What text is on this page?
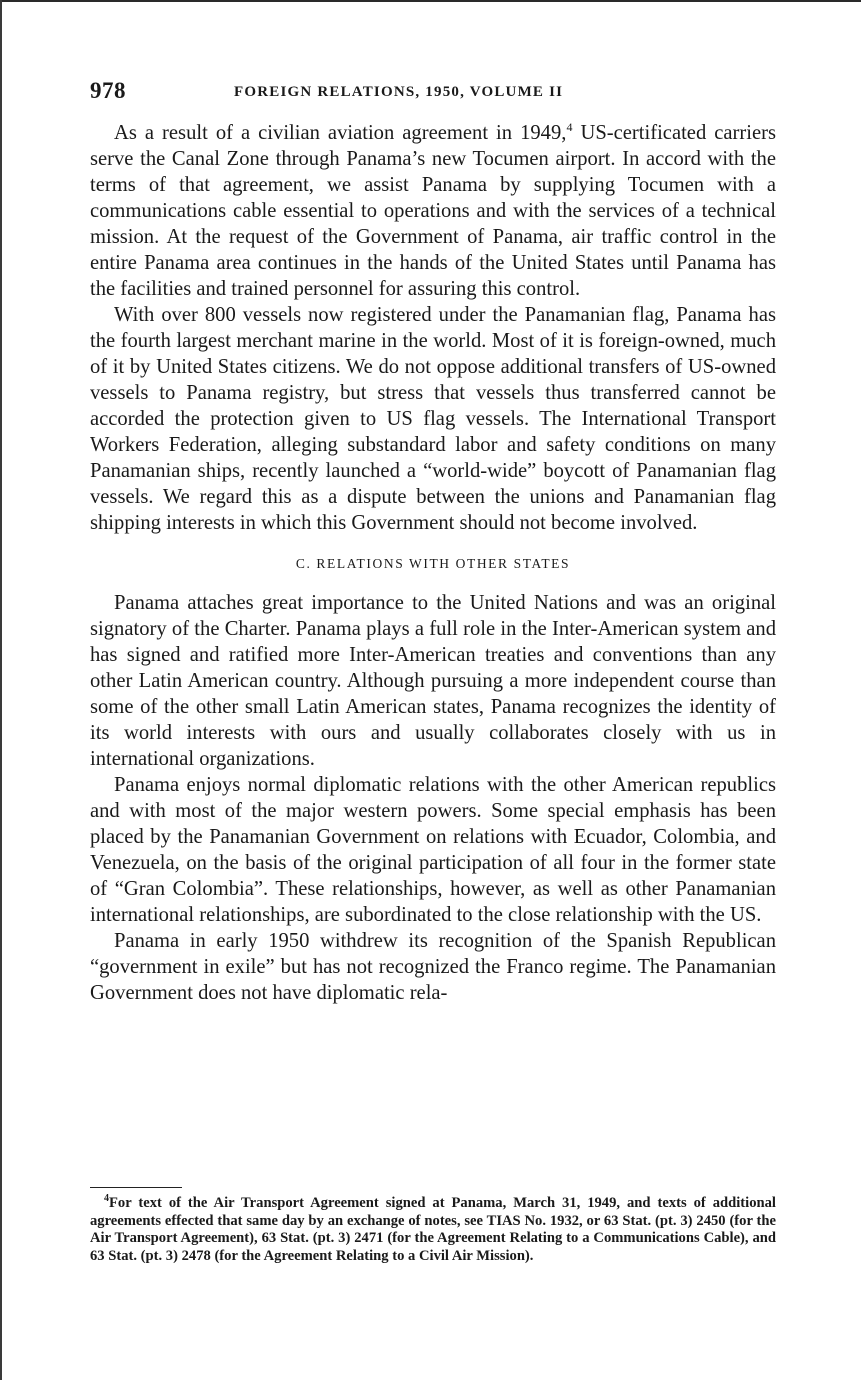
978	FOREIGN RELATIONS, 1950, VOLUME II

As a result of a civilian aviation agreement in 1949,$^4$ US-certificated carriers serve the Canal Zone through Panama’s new Tocumen airport. In accord with the terms of that agreement, we assist Panama by supplying Tocumen with a communications cable essential to operations and with the services of a technical mission. At the request of the Government of Panama, air traffic control in the entire Panama area continues in the hands of the United States until Panama has the facilities and trained personnel for assuring this control.

With over 800 vessels now registered under the Panamanian flag, Panama has the fourth largest merchant marine in the world. Most of it is foreign-owned, much of it by United States citizens. We do not oppose additional transfers of US-owned vessels to Panama registry, but stress that vessels thus transferred cannot be accorded the protection given to US flag vessels. The International Transport Workers Federation, alleging substandard labor and safety conditions on many Panamanian ships, recently launched a “world-wide” boycott of Panamanian flag vessels. We regard this as a dispute between the unions and Panamanian flag shipping interests in which this Government should not become involved.

C. RELATIONS WITH OTHER STATES

Panama attaches great importance to the United Nations and was an original signatory of the Charter. Panama plays a full role in the Inter-American system and has signed and ratified more Inter-American treaties and conventions than any other Latin American country. Although pursuing a more independent course than some of the other small Latin American states, Panama recognizes the identity of its world interests with ours and usually collaborates closely with us in international organizations.

Panama enjoys normal diplomatic relations with the other American republics and with most of the major western powers. Some special emphasis has been placed by the Panamanian Government on relations with Ecuador, Colombia, and Venezuela, on the basis of the original participation of all four in the former state of “Gran Colombia”. These relationships, however, as well as other Panamanian international relationships, are subordinated to the close relationship with the US.

Panama in early 1950 withdrew its recognition of the Spanish Republican “government in exile” but has not recognized the Franco regime. The Panamanian Government does not have diplomatic rela-

$^4$For text of the Air Transport Agreement signed at Panama, March 31, 1949, and texts of additional agreements effected that same day by an exchange of notes, see TIAS No. 1932, or 63 Stat. (pt. 3) 2450 (for the Air Transport Agreement), 63 Stat. (pt. 3) 2471 (for the Agreement Relating to a Communications Cable), and 63 Stat. (pt. 3) 2478 (for the Agreement Relating to a Civil Air Mission).
